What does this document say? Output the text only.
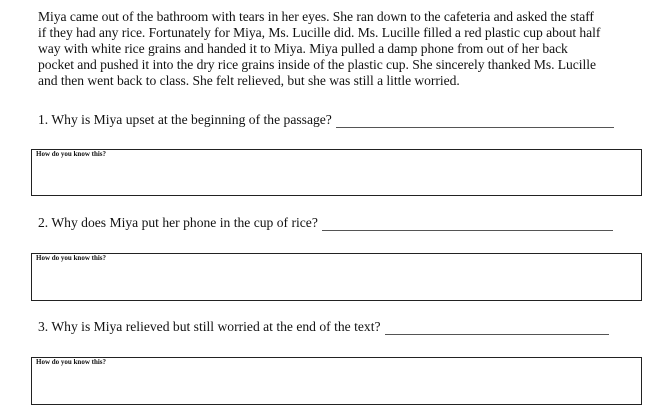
Miya came out of the bathroom with tears in her eyes. She ran down to the cafeteria and asked the staff
if they had any rice. Fortunately for Miya, Ms. Lucille did. Ms. Lucille filled a red plastic cup about half
way with white rice grains and handed it to Miya. Miya pulled a damp phone from out of her back
pocket and pushed it into the dry rice grains inside of the plastic cup. She sincerely thanked Ms. Lucille
and then went back to class. She felt relieved, but she was still a little worried.
1. Why is Miya upset at the beginning of the passage?
How do you know this?
2. Why does Miya put her phone in the cup of rice?
How do you know this?
3. Why is Miya relieved but still worried at the end of the text?
How do you know this?
